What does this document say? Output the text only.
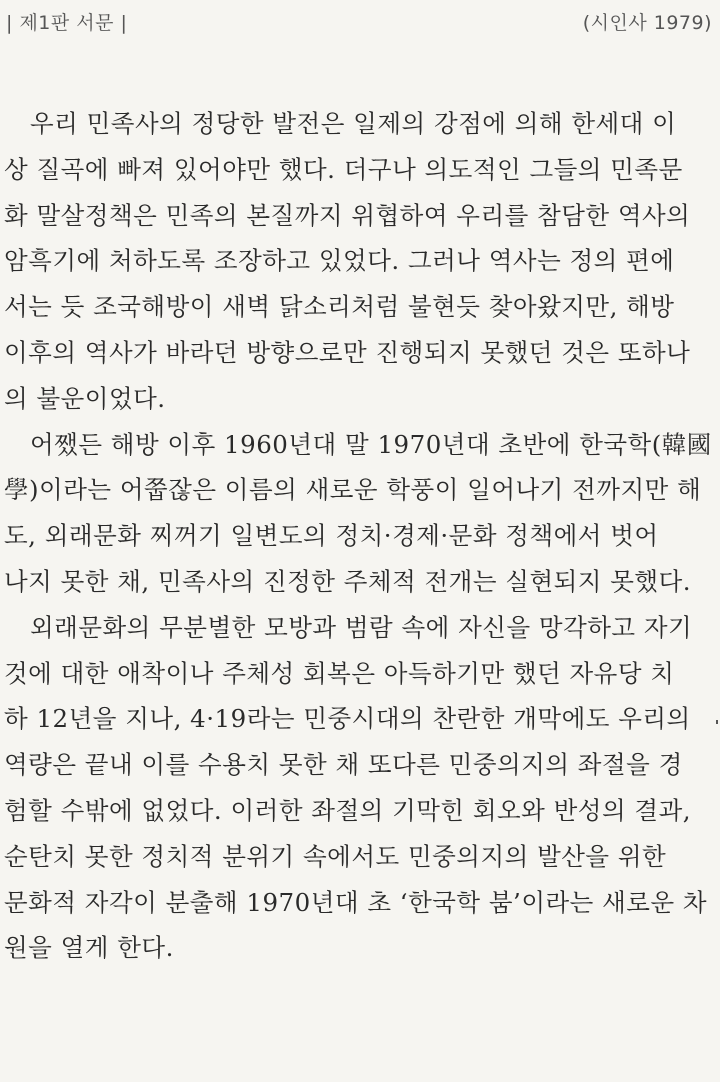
| 제1판 서문 |	(시인사 1979)
우리 민족사의 정당한 발전은 일제의 강점에 의해 한세대 이
상 질곡에 빠져 있어야만 했다. 더구나 의도적인 그들의 민족문
화 말살정책은 민족의 본질까지 위협하여 우리를 참담한 역사의
암흑기에 처하도록 조장하고 있었다. 그러나 역사는 정의 편에
서는 듯 조국해방이 새벽 닭소리처럼 불현듯 찾아왔지만, 해방
이후의 역사가 바라던 방향으로만 진행되지 못했던 것은 또하나
의 불운이었다.
어쨌든 해방 이후 1960년대 말 1970년대 초반에 한국학(韓國
學)이라는 어쭙잖은 이름의 새로운 학풍이 일어나기 전까지만 해
도, 외래문화 찌꺼기 일변도의 정치·경제·문화 정책에서 벗어
나지 못한 채, 민족사의 진정한 주체적 전개는 실현되지 못했다.
외래문화의 무분별한 모방과 범람 속에 자신을 망각하고 자기
것에 대한 애착이나 주체성 회복은 아득하기만 했던 자유당 치
하 12년을 지나, 4·19라는 민중시대의 찬란한 개막에도 우리의
역량은 끝내 이를 수용치 못한 채 또다른 민중의지의 좌절을 경
험할 수밖에 없었다. 이러한 좌절의 기막힌 회오와 반성의 결과,
순탄치 못한 정치적 분위기 속에서도 민중의지의 발산을 위한
문화적 자각이 분출해 1970년대 초 ‘한국학 붐’이라는 새로운 차
원을 열게 한다.
